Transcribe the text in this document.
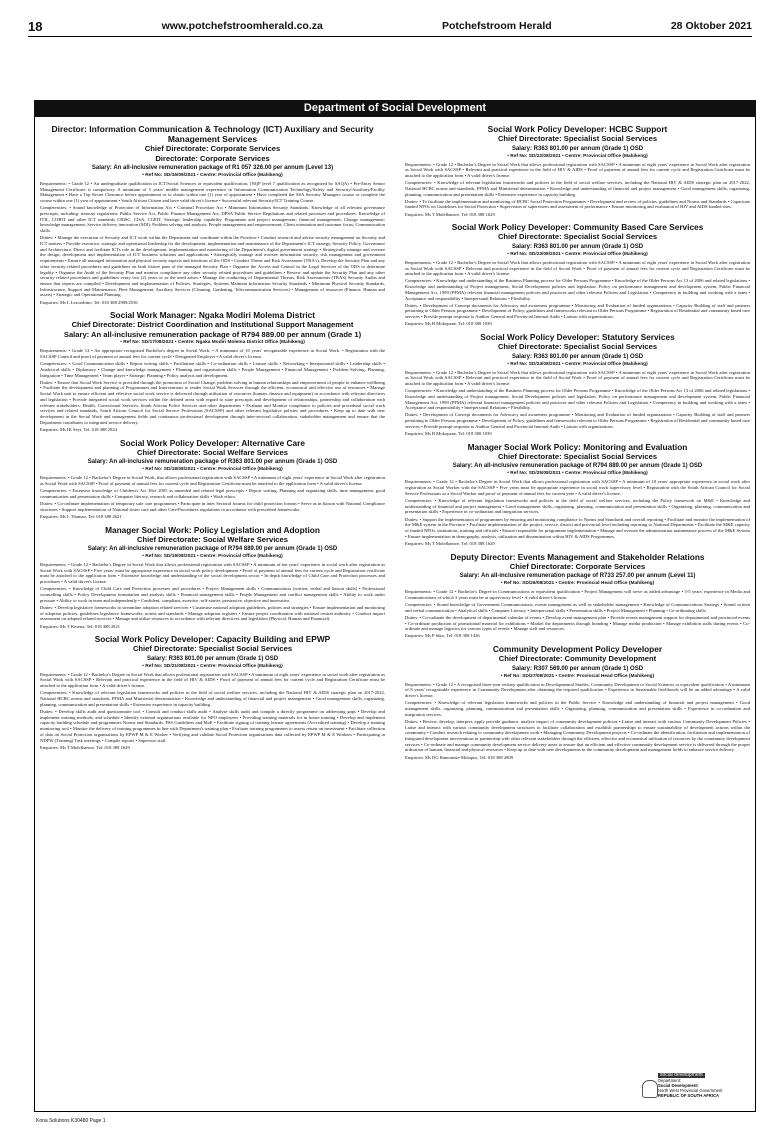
18	www.potchefstroomherald.co.za	Potchefstroom Herald	28 Oktober 2021
Department of Social Development
Director: Information Communication & Technology (ICT) Auxiliary and Security Management Services
Chief Directorate: Corporate Services
Directorate: Corporate Services
Salary: An all-inclusive remuneration package of R1 057 326.00 per annum (Level 13)
• Ref No: SD/16/09/2021 • Centre: Provincial Office (Mahikeng)

Requirements: • Grade 12 • An undergraduate qualification in ICT/Social Sciences or equivalent qualification, (NQF level 7 qualification as recognized by SAQA) • Pre-Entry Senior Management Certificate is compulsory. A minimum of 5 years' middle management experience in Information Communication Technology/Safety and Security/Auxiliary/Facility Management • Have a Top Secret Clearance before appointment or to obtain within one (1) year of appointment • Have completed the SSA Security Managers course or complete the course within one (1) year of appointment • South African Citizen and have valid driver's license • Successful relevant Security/ICT Training Course.

Competencies: • Sound knowledge of Protection of Information Act • Criminal Procedure Act • Minimum Information Security Standards. Knowledge of all relevant governance prescripts, including: treasury regulations, Public Service Act, Public Finance Management Act, DPSA Public Service Regulations and related processes and procedures. Knowledge of ITIL, COBIT and other ICT standards CRISC, CISA, CGEIT. Strategic leadership capability. Programme and project management; financial management; Change management; knowledge management; Service delivery innovation (SDI); Problem solving and analysis; People management and empowerment; Client orientation and customer focus; Communication skills.

Duties: • Manage the execution of Security and ICT work within the Department and coordinate within the Province • Conduct research and advise security management on Security and ICT matters • Provide executive, strategic and operational leadership for the development, implementation and maintenance of the Department's ICT strategy, Security Policy, Governance and Architecture. Direct and facilitate ICTs role in the development, implementation and monitoring of the Department's digital government strategy • Strategically manage and oversee the design, development and implementation of ICT business solutions and applications • Strategically manage and oversee information security, risk management and government requirements • Ensure all managed information and physical security aspects and functions of the ODS • Conduct Threat and Risk Assessment (TRA's), Develop the Security Plan and any other security related procedures and guidelines on both fixture pans of the managed Security Plan • Organise the Access and Control in the Legal Services of the ODS to determine legality • Organise the Audit of the Security Plan and monitor compliance any other security related procedures and guidelines • Review and update the Security Plan and any other security related procedures and guidelines every two (2) years or as the need arises • Manage the conducting of Departmental Threats, Risk Assessments (TRAS) Security Audits and ensure that reports are compiled • Development and implementation of Policies, Strategies, Systems Maintain Information Security Standards • Minimum Physical Security Standards, Infrastructure, Support and Maintenance, Fleet Management, Auxiliary Services (Cleaning, Gardening, Telecommunication Services) • Management of resources (Finance, Human and assets) • Strategic and Operational Planning.

Enquiries: Ms L Lesoodimo, Tel: 018 388 2989/2556

Social Work Manager: Ngaka Modiri Molema District
Chief Directorate: District Coordination and Institutional Support Management
Salary: An all-inclusive remuneration package of R794 889.00 per annum (Grade 1)
• Ref No: SD/17/08/2021 • Centre: Ngaka Modiri Molema District Office (Mahikeng)

Requirements: • Grade 12 • An appropriate recognised Bachelor's degree in Social Work. • A minimum of 10 years' recognizable experience in Social Work. • Registration with the SACSSP Council and proof of payment of annual fees for current cycle • Designated Employer • A valid driver's license.

Competencies: • Good Communication skills • Report writing skills • Facilitation skills • Co-ordination skills • Liaison skills • Networking • Interpersonal skills • Leadership skills • Analytical skills • Diplomacy • Change and knowledge management • Planning and organisation skills • People Management • Financial Management • Problem Solving, Planning, Integration • Time Management • Team player • Strategic Planning • Policy analysis and development.

Duties: • Ensure that Social Work Service is provided through the promotion of Social Change, problem solving in human relationships and empowerment of people to enhance wellbeing • Facilitate the development and planning of Programmes and Interventions to render Social Work Services through the efficient, economical and effective use of resources • Manage Social Work unit to ensure efficient and effective social work service is delivered through utilisation of resources (human, finance and equipment) in accordance with relevant directives and legislation • Provide integrated social work services within the defined areas with regard to state prescripts and development of relationships, partnership and collaboration with relevant stakeholders: Health, Correctional Services, South African Police Services and other departments • Evaluate and Monitor compliance to policies and procedural social work services and related standards, South African Council for Social Service Professions (SACSSP) and other relevant legislative policies and procedures • Keep up to date with new development in the Social Work and management fields and continuous professional development through inter-sectoral collaboration, stakeholder management and ensure that the Department contributes to integrated service delivery.

Enquiries: Ms IK Seyi, Tel: 018 388 2924

Social Work Policy Developer: Alternative Care
Chief Directorate: Social Welfare Services
Salary: An all-inclusive remuneration package of R363 801.00 per annum (Grade 1) OSD
• Ref No: SD/18/08/2021 • Centre: Provincial Office (Mahikeng)

Requirements: • Grade 12 • Bachelor's Degree in Social Work, that allows professional registration with SACSSP • A minimum of eight years' experience in Social Work after registration as Social Work with SACSSP • Proof of payment of annual fees for current cycle and Registration Certificate must be attached to the application form • A valid driver's license.

Competencies: • Extensive knowledge of Children's Act 38of 2005 as amended and related legal prescripts • Report writing, Planning and organizing skills, time management, good communication and presentation skills • Computer literacy, research and collaboration skills • Work ethics.

Duties: • Co-ordinate implementation of temporary safe care programmes • Participate in inter Sectoral forums for child protection forums • Serve as in liaison with National Compliance structures • Support implementation of National foster care and other Care/Procedures regulations in accordance with prescribed frameworks.

Enquiries: Ms L Thamao, Tel: 018 388 2621

Manager Social Work: Policy Legislation and Adoption
Chief Directorate: Social Welfare Services
Salary: An all-inclusive remuneration package of R794 889.00 per annum (Grade 1) OSD
• Ref No: SD/19/08/2021 • Centre: Provincial Office (Mahikeng)

Requirements: • Grade 12 • Bachelor's Degree in Social Work that allows professional registration with SACSSP • A minimum of ten years' experience in social work after registration as Social Work with SACSSP • Five years' must be appropriate experience in social work policy development • Proof of payment of annual fees for current cycle and Registration certificate must be attached to the application form • Extensive knowledge and understanding of the social development sector • In depth knowledge of Child Care and Protection processes and procedures • A valid driver's license.

Competencies: • Knowledge of Child Care and Protection processes and procedures • Project Management skills • Communication (written, verbal and liaison skills) • Professional counselling skills • Policy Development formulation and analysis skills • Financial management skills • People Management and conflict management skills • Ability to work under pressure • Ability to work in team and independently • Confident, compliant, assertive, self-starter, persuasive, objective and innovative.

Duties: • Develop legislative frameworks to streamline adoption related services • Customise national adoption guidelines, policies and strategies • Ensure implementation and monitoring of adoption policies, guidelines legislative frameworks, norms and standards • Manage adoption registers • Ensure proper coordination with national central authority • Conduct impact assessment on adopted related services • Manage and utilise resources in accordance with relevant directives and legislation (Physical, Human and Financial).

Enquiries: Ms T Kesena, Tel: 018 388 2821

Social Work Policy Developer: Capacity Building and EPWP
Chief Directorate: Specialist Social Services
Salary: R363 801.00 per annum (Grade 1) OSD
• Ref No: SD/21/08/2021 • Centre: Provincial Office (Mahikeng)

Requirements: • Grade 12 • Bachelor's Degree in Social Work that allows professional registration with SACSSP • A minimum of eight years' experience in social work after registration as Social Work with SACSSP • Relevant and practical experience in the field of HIV & AIDS • Proof of payment of annual fees for current cycle and Registration Certificate must be attached to the application form • A valid driver's license.

Competencies: • Knowledge of relevant legislation frameworks and policies in the field of social welfare services, including the National HIV & AIDS strategic plan on 2017-2022, National HCBC norms and standards, PFMA and Ministerial determination • Knowledge and understanding of financial and project management • Good management skills, organizing, planning, communication and presentation skills • Extensive experience in capacity building.

Duties: • Develop skills audit and questionnaire tool • Consult and conduct skills audit • Analyse skills audit and compile a directly programme on addressing gaps • Develop and implement training methods, and schedule • Identify external organisations available for NPO employees • Providing training materials for in house training • Develop and implement capacity building schedule and programmes Norms and Standards, PSS Guidelines and MoE • Facilitate signing of training learner agreements (Accredited training) • Develop a training monitoring tool • Monitor the delivery of training programmes in line with Department's training plan • Evaluate training programmes to assess return on investment • Facilitate collection of data on Social Protection organisations by EPWP M & E Worker • Verifying and validate Social Protection organisations data collected by EPWP M & E Workers • Participating in NDPW (Training) Task meetings • Compile reports • Supervise staff.

Enquiries: Ms T Molefhanwe, Tel: 018 388 1629

Social Work Policy Developer: HCBC Support
Chief Directorate: Specialist Social Services
Salary: R363 801.00 per annum (Grade 1) OSD
• Ref No: SD/22/08/2021 • Centre: Provincial Office (Mahikeng)

Requirements: • Grade 12 • Bachelor's Degree in Social Work that allows professional registration with SACSSP • A minimum of eight years' experience in Social Work after registration as Social Work with SACSSP • Relevant and practical experience in the field of HIV & AIDS • Proof of payment of annual fees for current cycle and Registration Certificate must be attached to the application form • A valid driver's license.

Competencies: • Knowledge of relevant legislation frameworks and policies in the field of social welfare services, including the National HIV & AIDS strategic plan on 2017-2022, National HCBC norms and standards, PFMA and Ministerial determination • Knowledge and understanding of financial and project management • Good management skills, organizing, planning, communication and presentation skills • Extensive experience in capacity building.

Duties: • To facilitate the implementation and monitoring of HCBC Social Protection Programmes • Development and review of policies, guidelines and Norms and Standards • Capacitate funded NPOs on Guidelines for Social Protection • Supervision of supervisees and assessment of performance • Ensure monitoring and evaluation of HIV and AIDS funded sites.

Enquiries: Ms T Molefhanwe, Tel: 018 388 1629

Social Work Policy Developer: Community Based Care Services
Chief Directorate: Specialist Social Services
Salary: R363 801.00 per annum (Grade 1) OSD
• Ref No: SD/23/08/2021 • Centre: Provincial Office (Mahikeng)

Requirements: • Grade 12 • Bachelor's Degree in Social Work that allows professional registration with SACSSP • A minimum of eight years' experience in Social Work after registration as Social Work with SACSSP • Relevant and practical experience in the field of Social Work • Proof of payment of annual fees for current cycle and Registration Certificate must be attached to the application form • A valid driver's license.

Competencies: • Knowledge and understanding of the Business Planning process for Older Persons Programme • Knowledge of the Older Persons Act 13 of 2006 and related legislations • Knowledge and understanding of Project management, Social Development policies and legislation. Policy on performance management and development system, Public Financial Management Act, 1999 (PFMA) relevant financial management policies and practices and other relevant Policies and Legislation • Competency in building and working with a team • Acceptance and responsibility • Interpersonal Relations • Flexibility.

Duties: • Development of Concept documents for Advocacy and awareness programme • Monitoring and Evaluation of funded organizations • Capacity Building of staff and partners pertaining to Older Persons programme • Development of Policy, guidelines and frameworks relevant to Older Persons Programme • Registration of Residential and community based care services • Provide prompt response to Auditor General and Provincial Internal Audit • Liaison with organizations.

Enquiries: Ms B Mokopane, Tel: 018 388 1039

Social Work Policy Developer: Statutory Services
Chief Directorate: Specialist Social Services
Salary: R363 801.00 per annum (Grade 1) OSD
• Ref No: SD/24/08/2021 • Centre: Provincial Office (Mahikeng)

Requirements: • Grade 12 • Bachelor's Degree in Social Work that allows professional registration with SACSSP • A minimum of eight years' experience in Social Work after registration as Social Work with SACSSP • Relevant and practical experience in the field of Social Work • Proof of payment of annual fees for current cycle and Registration Certificate must be attached to the application form • A valid driver's license.

Competencies: • Knowledge and understanding of the Business Planning process for Older Persons Programme • Knowledge of the Older Persons Act 13 of 2006 and related legislations • Knowledge and understanding of Project management, Social Development policies and legislation. Policy on performance management and development system, Public Financial Management Act, 1999 (PFMA) relevant financial management policies and practices and other relevant Policies and Legislation • Competency in building and working with a team • Acceptance and responsibility • Interpersonal Relations • Flexibility.

Duties: • Development of Concept documents for Advocacy and awareness programme • Monitoring and Evaluation of funded organizations • Capacity Building of staff and partners pertaining to Older Persons programme • Development of Policy, guidelines and frameworks relevant to Older Persons Programme • Registration of Residential and community based care services • Provide prompt response to Auditor General and Provincial Internal Audit • Liaison with organizations.

Enquiries: Ms B Mokopane, Tel: 018 388 1039

Manager Social Work Policy: Monitoring and Evaluation
Chief Directorate: Specialist Social Services
Salary: An all-inclusive remuneration package of R794 889.00 per annum (Grade 1) OSD
• Ref No: SD/25/08/2021 • Centre: Provincial Office (Mahikeng)

Requirements: • Grade 12 • Bachelor's Degree in Social Work that allows professional registration with SACSSP • A minimum of 10 years' appropriate experience in social work after registration as Social Worker with the SACSSP • Five years must be appropriate experience in social work supervisory level • Registration with the South African Council for Social Service Professions as a Social Worker and proof of payment of annual fees for current year • A valid driver's license.

Competencies: • Knowledge of relevant legislation frameworks and policies in the field of social welfare services, including the Policy framework on M&E • Knowledge and understanding of financial and project management • Good management skills, organizing, planning, communication and presentation skills • Organizing, planning, communication and presentation skills • Experience in co-ordination and integration services.

Duties: • Support the implementation of programmes by ensuring and monitoring compliance to Norms and Standards and overall reporting • Facilitate and monitor the implementation of the M&E system in the Province • Facilitate implementation of the project, service, district and provincial level including reporting to National Departments • Facilitate the M&E capacity of funded NPOs, institutions, training and officials • Ensure responsible for programme implementation • Manage and oversee the administration maintenance process of the M&E System • Ensure implementation in demography, analysis, utilisation and dissemination within HIV & AIDS Programmes.

Enquiries: Ms T Molefhanwe, Tel: 018 388 1629

Deputy Director: Events Management and Stakeholder Relations
Chief Directorate: Corporate Services
Salary: An all-inclusive remuneration package of R733 257.00 per annum (Level 11)
• Ref No: SD/26/08/2021 • Centre: Provincial Head Office (Mahikeng)

Requirements: • Grade 12 • Bachelor's Degree in Communications or equivalent qualification • Project Management will serve as added advantage • 3-5 years' experience in Media and Communications of which 3 years must be at supervisory level • A valid driver's license.

Competencies: • Sound knowledge of Government Communications, events management as well as stakeholder management • Knowledge of Communications Strategy • Sound written and verbal communication • Analytical skills • Computer Literacy • Interpersonal skills • Presentation skills • Project Management • Planning • Co-ordinating skills.

Duties: • Co-ordinate the development of departmental calendar of events • Develop event management plan • Provide events management support for departmental and provincial events • Co-ordinate production of promotional material for exhibitions • Market the departments through branding • Manage media production • Manage exhibition stalls during events • Co-ordinate and manage logistics for various types of events • Manage staff and resources.

Enquiries: Ms P Siko, Tel: 018 388 1426

Community Development Policy Developer
Chief Directorate: Community Development
Salary: R307 569.00 per annum (Grade 1) OSD
• Ref No: SD/27/08/2021 • Centre: Provincial Head Office (Mahikeng)

Requirements: • Grade 12 • A recognised three-year tertiary qualification in Developmental Studies, Community Development or Social Sciences or equivalent qualification • A minimum of 8 years' recognisable experience in Community Development after obtaining the required qualification • Experience in Sustainable livelihoods will be an added advantage • A valid driver's license.

Competencies: • Knowledge of relevant legislation frameworks and policies in the Public Service • Knowledge and understanding of financial and project management • Good management skills, organizing, planning, communication and presentation skills • Organizing, planning, communication and presentation skills • Experience in co-ordination and integration services.

Duties: • Review, develop, interpret, apply provide guidance, analyse impact of community development policies • Liaise and interact with various Community Development Policies • Liaise and interact with various community development structures to facilitate collaboration and establish partnerships to ensure sustainability of development actions within the community • Conduct research relating to community development work • Managing Community Development projects • Co-ordinate the identification, facilitation and implementation of Integrated development interventions in partnership with other relevant stakeholders through the efficient, effective and economical utilisation of resources by the community development services • Co-ordinate and manage community development service delivery areas to ensure that an efficient and effective community development service is delivered through the proper utilisation of human, financial and physical resources • Keep up to date with new developments in the community development and management fields to enhance service delivery.

Enquiries: Ms DG Ramontsie-Molapisi, Tel: 018 388 2809

social development
Department:
Social Development
North West Provincial Government
REPUBLIC OF SOUTH AFRICA
Kona Solutions K30480 Page 1
